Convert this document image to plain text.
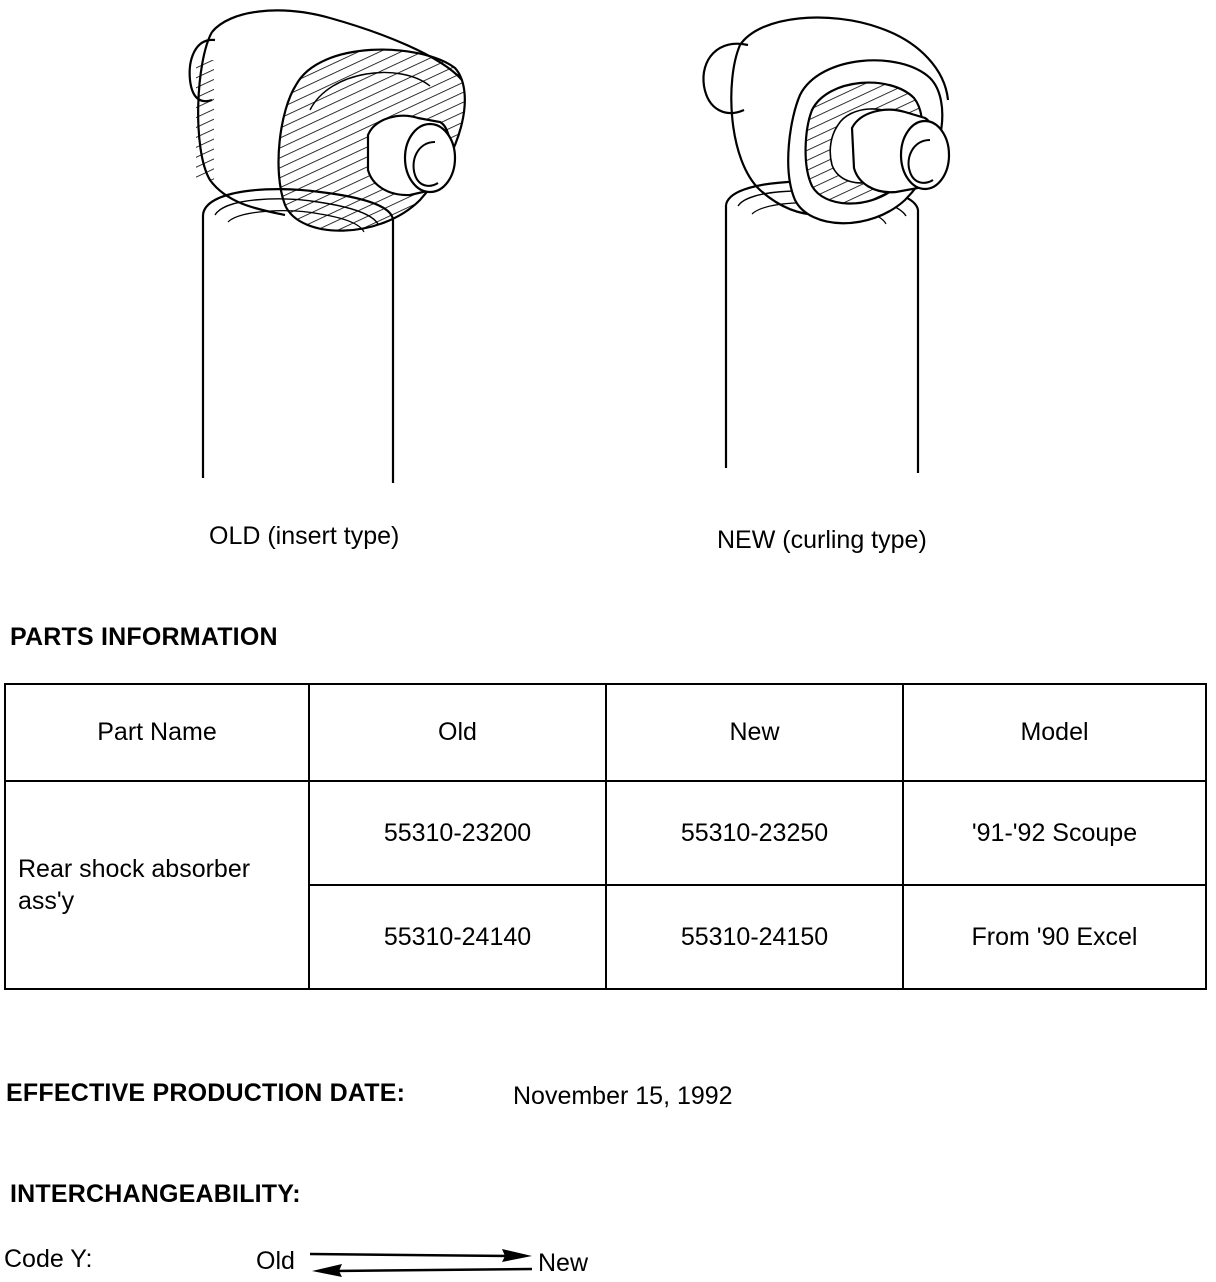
OLD (insert type)	NEW (curling type)
PARTS INFORMATION
Part Name	Old	New	Model
Rear shock absorber ass'y	55310-23200	55310-23250	'91-'92 Scoupe
	55310-24140	55310-24150	From '90 Excel
EFFECTIVE PRODUCTION DATE:	November 15, 1992
INTERCHANGEABILITY:
Code Y:	Old	New
